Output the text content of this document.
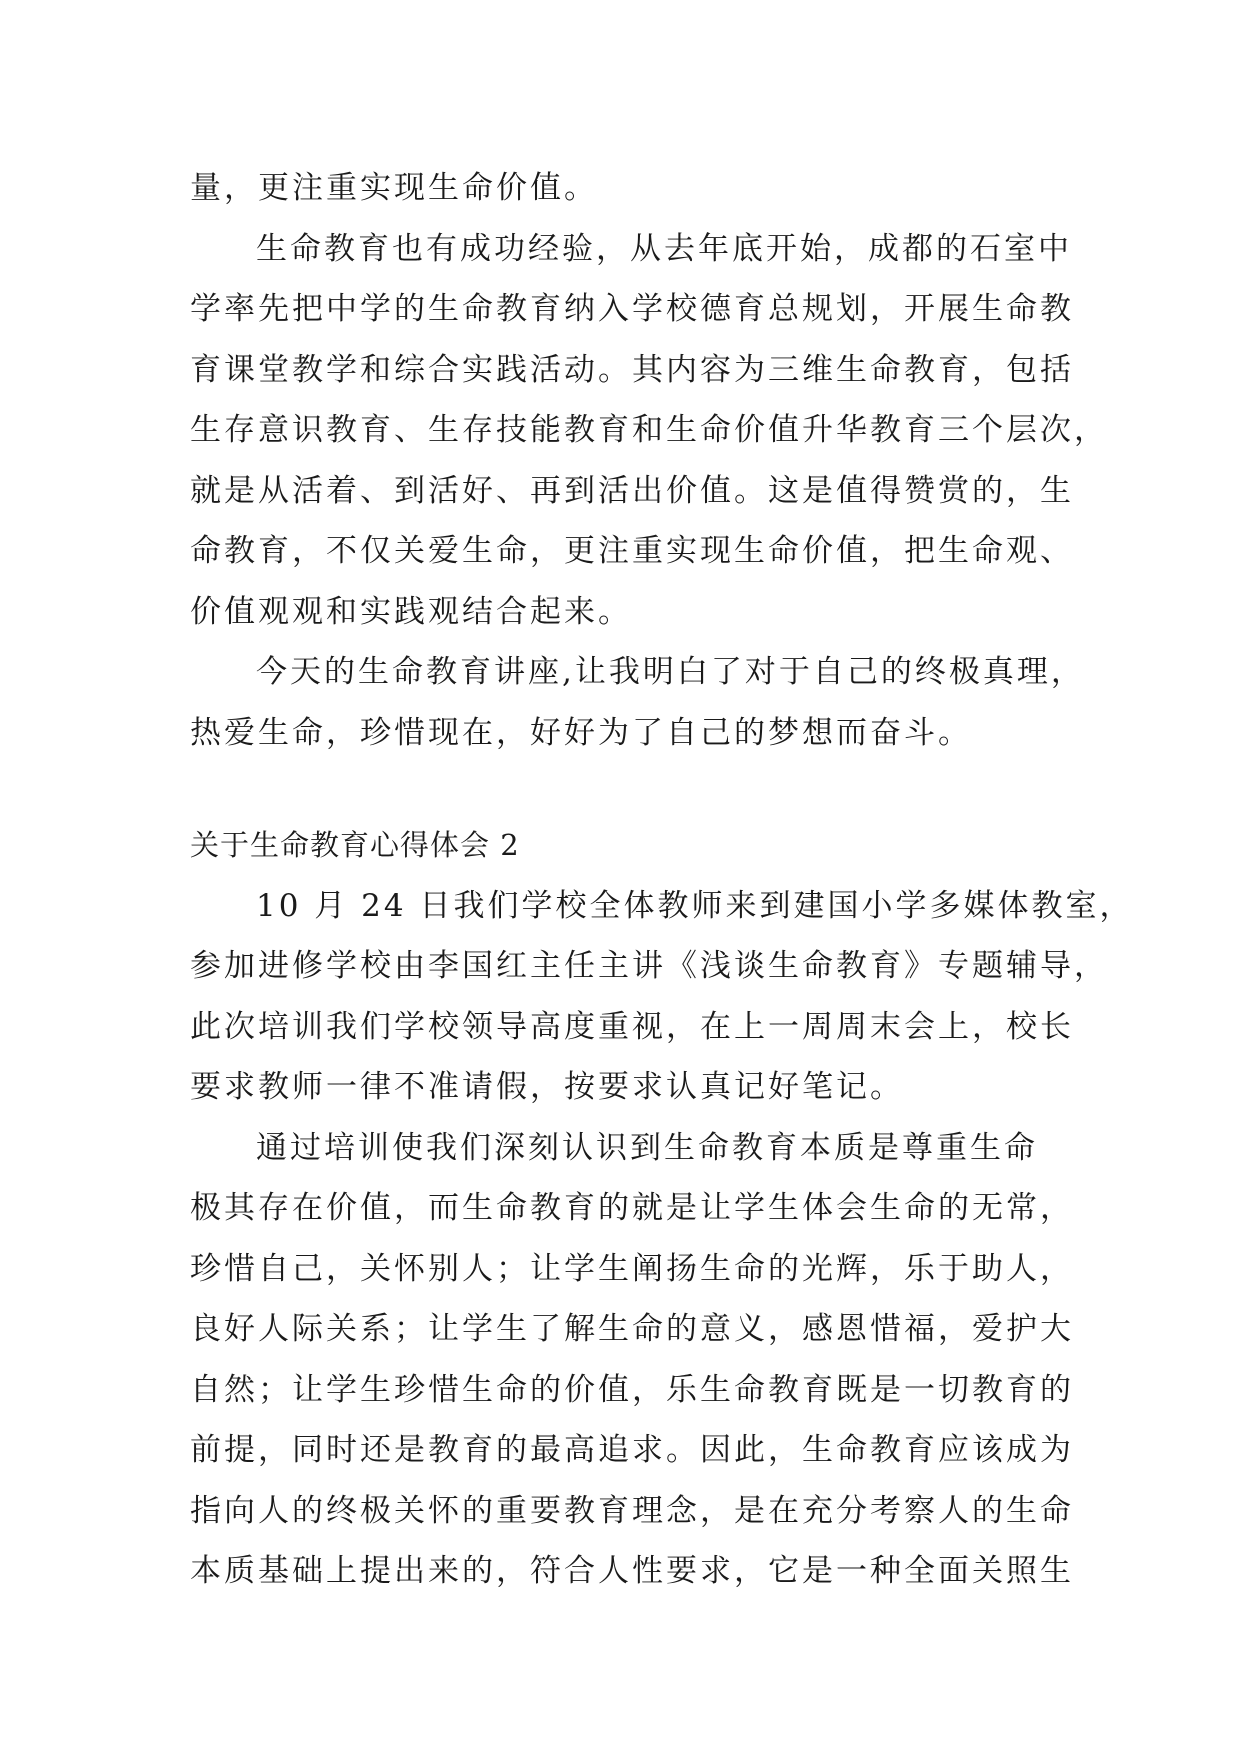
量，更注重实现生命价值。
生命教育也有成功经验，从去年底开始，成都的石室中
学率先把中学的生命教育纳入学校德育总规划，开展生命教
育课堂教学和综合实践活动。其内容为三维生命教育，包括
生存意识教育、生存技能教育和生命价值升华教育三个层次，
就是从活着、到活好、再到活出价值。这是值得赞赏的，生
命教育，不仅关爱生命，更注重实现生命价值，把生命观、
价值观观和实践观结合起来。
今天的生命教育讲座,让我明白了对于自己的终极真理，
热爱生命，珍惜现在，好好为了自己的梦想而奋斗。
关于生命教育心得体会 2
10 月 24 日我们学校全体教师来到建国小学多媒体教室，
参加进修学校由李国红主任主讲《浅谈生命教育》专题辅导，
此次培训我们学校领导高度重视，在上一周周末会上，校长
要求教师一律不准请假，按要求认真记好笔记。
通过培训使我们深刻认识到生命教育本质是尊重生命
极其存在价值，而生命教育的就是让学生体会生命的无常，
珍惜自己，关怀别人；让学生阐扬生命的光辉，乐于助人，
良好人际关系；让学生了解生命的意义，感恩惜福，爱护大
自然；让学生珍惜生命的价值，乐生命教育既是一切教育的
前提，同时还是教育的最高追求。因此，生命教育应该成为
指向人的终极关怀的重要教育理念，是在充分考察人的生命
本质基础上提出来的，符合人性要求，它是一种全面关照生
